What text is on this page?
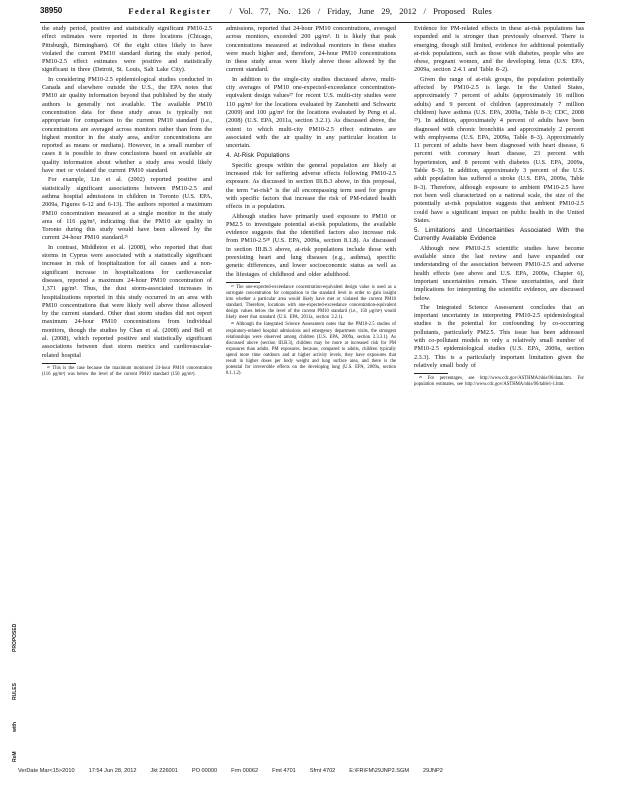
38950	Federal Register / Vol. 77, No. 126 / Friday, June 29, 2012 / Proposed Rules

the study period, positive and statistically significant PM10-2.5 effect estimates were reported in three locations (Chicago, Pittsburgh, Birmingham). Of the eight cities likely to have violated the current PM10 standard during the study period, PM10-2.5 effect estimates were positive and statistically significant in three (Detroit, St. Louis, Salt Lake City).

In considering PM10-2.5 epidemiological studies conducted in Canada and elsewhere outside the U.S., the EPA notes that PM10 air quality information beyond that published by the study authors is generally not available. The available PM10 concentration data for these study areas is typically not appropriate for comparison to the current PM10 standard (i.e., concentrations are averaged across monitors rather than from the highest monitor in the study area, and/or concentrations are reported as means or medians). However, in a small number of cases it is possible to draw conclusions based on available air quality information about whether a study area would likely have met or violated the current PM10 standard.

For example, Lin et al. (2002) reported positive and statistically significant associations between PM10-2.5 and asthma hospital admissions in children in Toronto (U.S. EPA, 2009a, Figures 6-12 and 6-13). The authors reported a maximum PM10 concentration measured at a single monitor in the study area of 116 μg/m³, indicating that the PM10 air quality in Toronto during this study would have been allowed by the current 24-hour PM10 standard.²⁶

In contrast, Middleton et al. (2008), who reported that dust storms in Cyprus were associated with a statistically significant increase in risk of hospitalization for all causes and a non-significant increase in hospitalizations for cardiovascular diseases, reported a maximum 24-hour PM10 concentration of 1,371 μg/m³. Thus, the dust storm-associated increases in hospitalizations reported in this study occurred in an area with PM10 concentrations that were likely well above those allowed by the current standard. Other dust storm studies did not report maximum 24-hour PM10 concentrations from individual monitors, though the studies by Chan et al. (2008) and Bell et al. (2008), which reported positive and statistically significant associations between dust storm metrics and cardiovascular-related hospital

²⁶ This is the case because the maximum monitored 24-hour PM10 concentration (116 μg/m³) was below the level of the current PM10 standard (150 μg/m³).

admissions, reported that 24-hour PM10 concentrations, averaged across monitors, exceeded 200 μg/m³. It is likely that peak concentrations measured at individual monitors in these studies were much higher and, therefore, 24-hour PM10 concentrations in these study areas were likely above those allowed by the current standard.

In addition to the single-city studies discussed above, multi-city averages of PM10 one-expected-exceedance concentration-equivalent design values²⁷ for recent U.S. multi-city studies were 110 μg/m³ for the locations evaluated by Zanobetti and Schwartz (2009) and 100 μg/m³ for the locations evaluated by Peng et al. (2008) (U.S. EPA, 2011a, section 3.2.1). As discussed above, the extent to which multi-city PM10-2.5 effect estimates are associated with the air quality in any particular location is uncertain.

4. At-Risk Populations

Specific groups within the general population are likely at increased risk for suffering adverse effects following PM10-2.5 exposure. As discussed in section III.B.3 above, in this proposal, the term “at-risk” is the all encompassing term used for groups with specific factors that increase the risk of PM-related health effects in a population.

Although studies have primarily used exposure to PM10 or PM2.5 to investigate potential at-risk populations, the available evidence suggests that the identified factors also increase risk from PM10-2.5²⁸ (U.S. EPA, 2009a, section 8.1.8). As discussed in section III.B.3 above, at-risk populations include those with preexisting heart and lung diseases (e.g., asthma), specific genetic differences, and lower socioeconomic status as well as the lifestages of childhood and older adulthood.

²⁷ The one-expected-exceedance concentration-equivalent design value is used as a surrogate concentration for comparison to the standard level in order to gain insight into whether a particular area would likely have met or violated the current PM10 standard. Therefore, locations with one-expected-exceedance concentration-equivalent design values below the level of the current PM10 standard (i.e., 150 μg/m³) would likely meet that standard (U.S. EPA, 2011a, section 3.2.1).

²⁸ Although the Integrated Science Assessment notes that the PM10-2.5 studies of respiratory-related hospital admissions and emergency department visits, the strongest relationships were observed among children (U.S. EPA, 2009a, section 2.3.3.1). As discussed above (section III.B.3), children may be more at increased risk for PM exposures than adults. PM exposures, because, compared to adults, children typically spend more time outdoors and at higher activity levels, they have exposures that result in higher doses per body weight and lung surface area, and there is the potential for irreversible effects on the developing lung (U.S. EPA, 2009a, section 8.1.1.2).

Evidence for PM-related effects in these at-risk populations has expanded and is stronger than previously observed. There is emerging, though still limited, evidence for additional potentially at-risk populations, such as those with diabetes, people who are obese, pregnant women, and the developing fetus (U.S. EPA, 2009a, section 2.4.1 and Table 8–2).

Given the range of at-risk groups, the population potentially affected by PM10-2.5 is large. In the United States, approximately 7 percent of adults (approximately 16 million adults) and 9 percent of children (approximately 7 million children) have asthma (U.S. EPA, 2009a, Table 8–3; CDC, 2008 ²⁹). In addition, approximately 4 percent of adults have been diagnosed with chronic bronchitis and approximately 2 percent with emphysema (U.S. EPA, 2009a, Table 8–3). Approximately 11 percent of adults have been diagnosed with heart disease, 6 percent with coronary heart disease, 23 percent with hypertension, and 8 percent with diabetes (U.S. EPA, 2009a, Table 8–3). In addition, approximately 3 percent of the U.S. adult population has suffered a stroke (U.S. EPA, 2009a, Table 8–3). Therefore, although exposure to ambient PM10-2.5 have not been well characterized on a national scale, the size of the potentially at-risk population suggests that ambient PM10-2.5 could have a significant impact on public health in the United States.

5. Limitations and Uncertainties Associated With the Currently Available Evidence

Although new PM10-2.5 scientific studies have become available since the last review and have expanded our understanding of the association between PM10-2.5 and adverse health effects (see above and U.S. EPA, 2009a, Chapter 6), important uncertainties remain. These uncertainties, and their implications for interpreting the scientific evidence, are discussed below.

The Integrated Science Assessment concludes that an important uncertainty in interpreting PM10-2.5 epidemiological studies is the potential for confounding by co-occurring pollutants, particularly PM2.5. This issue has been addressed with co-pollutant models in only a relatively small number of PM10-2.5 epidemiological studies (U.S. EPA, 2009a, section 2.3.3). This is a particularly important limitation given the relatively small body of

²⁹ For percentages, see http://www.cdc.gov/ASTHMA/nhis/06/data.htm. For population estimates, see http://www.cdc.gov/ASTHMA/nhis/06/table1-1.htm.

PROPOSED
RULES
with
ReM
VerDate Mar<15>2010	17:54 Jun 28, 2012	Jkt 226001	PO 00000	Frm 00062	Fmt 4701	Sfmt 4702	E:\FR\FM\29JNP2.SGM	29JNP2
